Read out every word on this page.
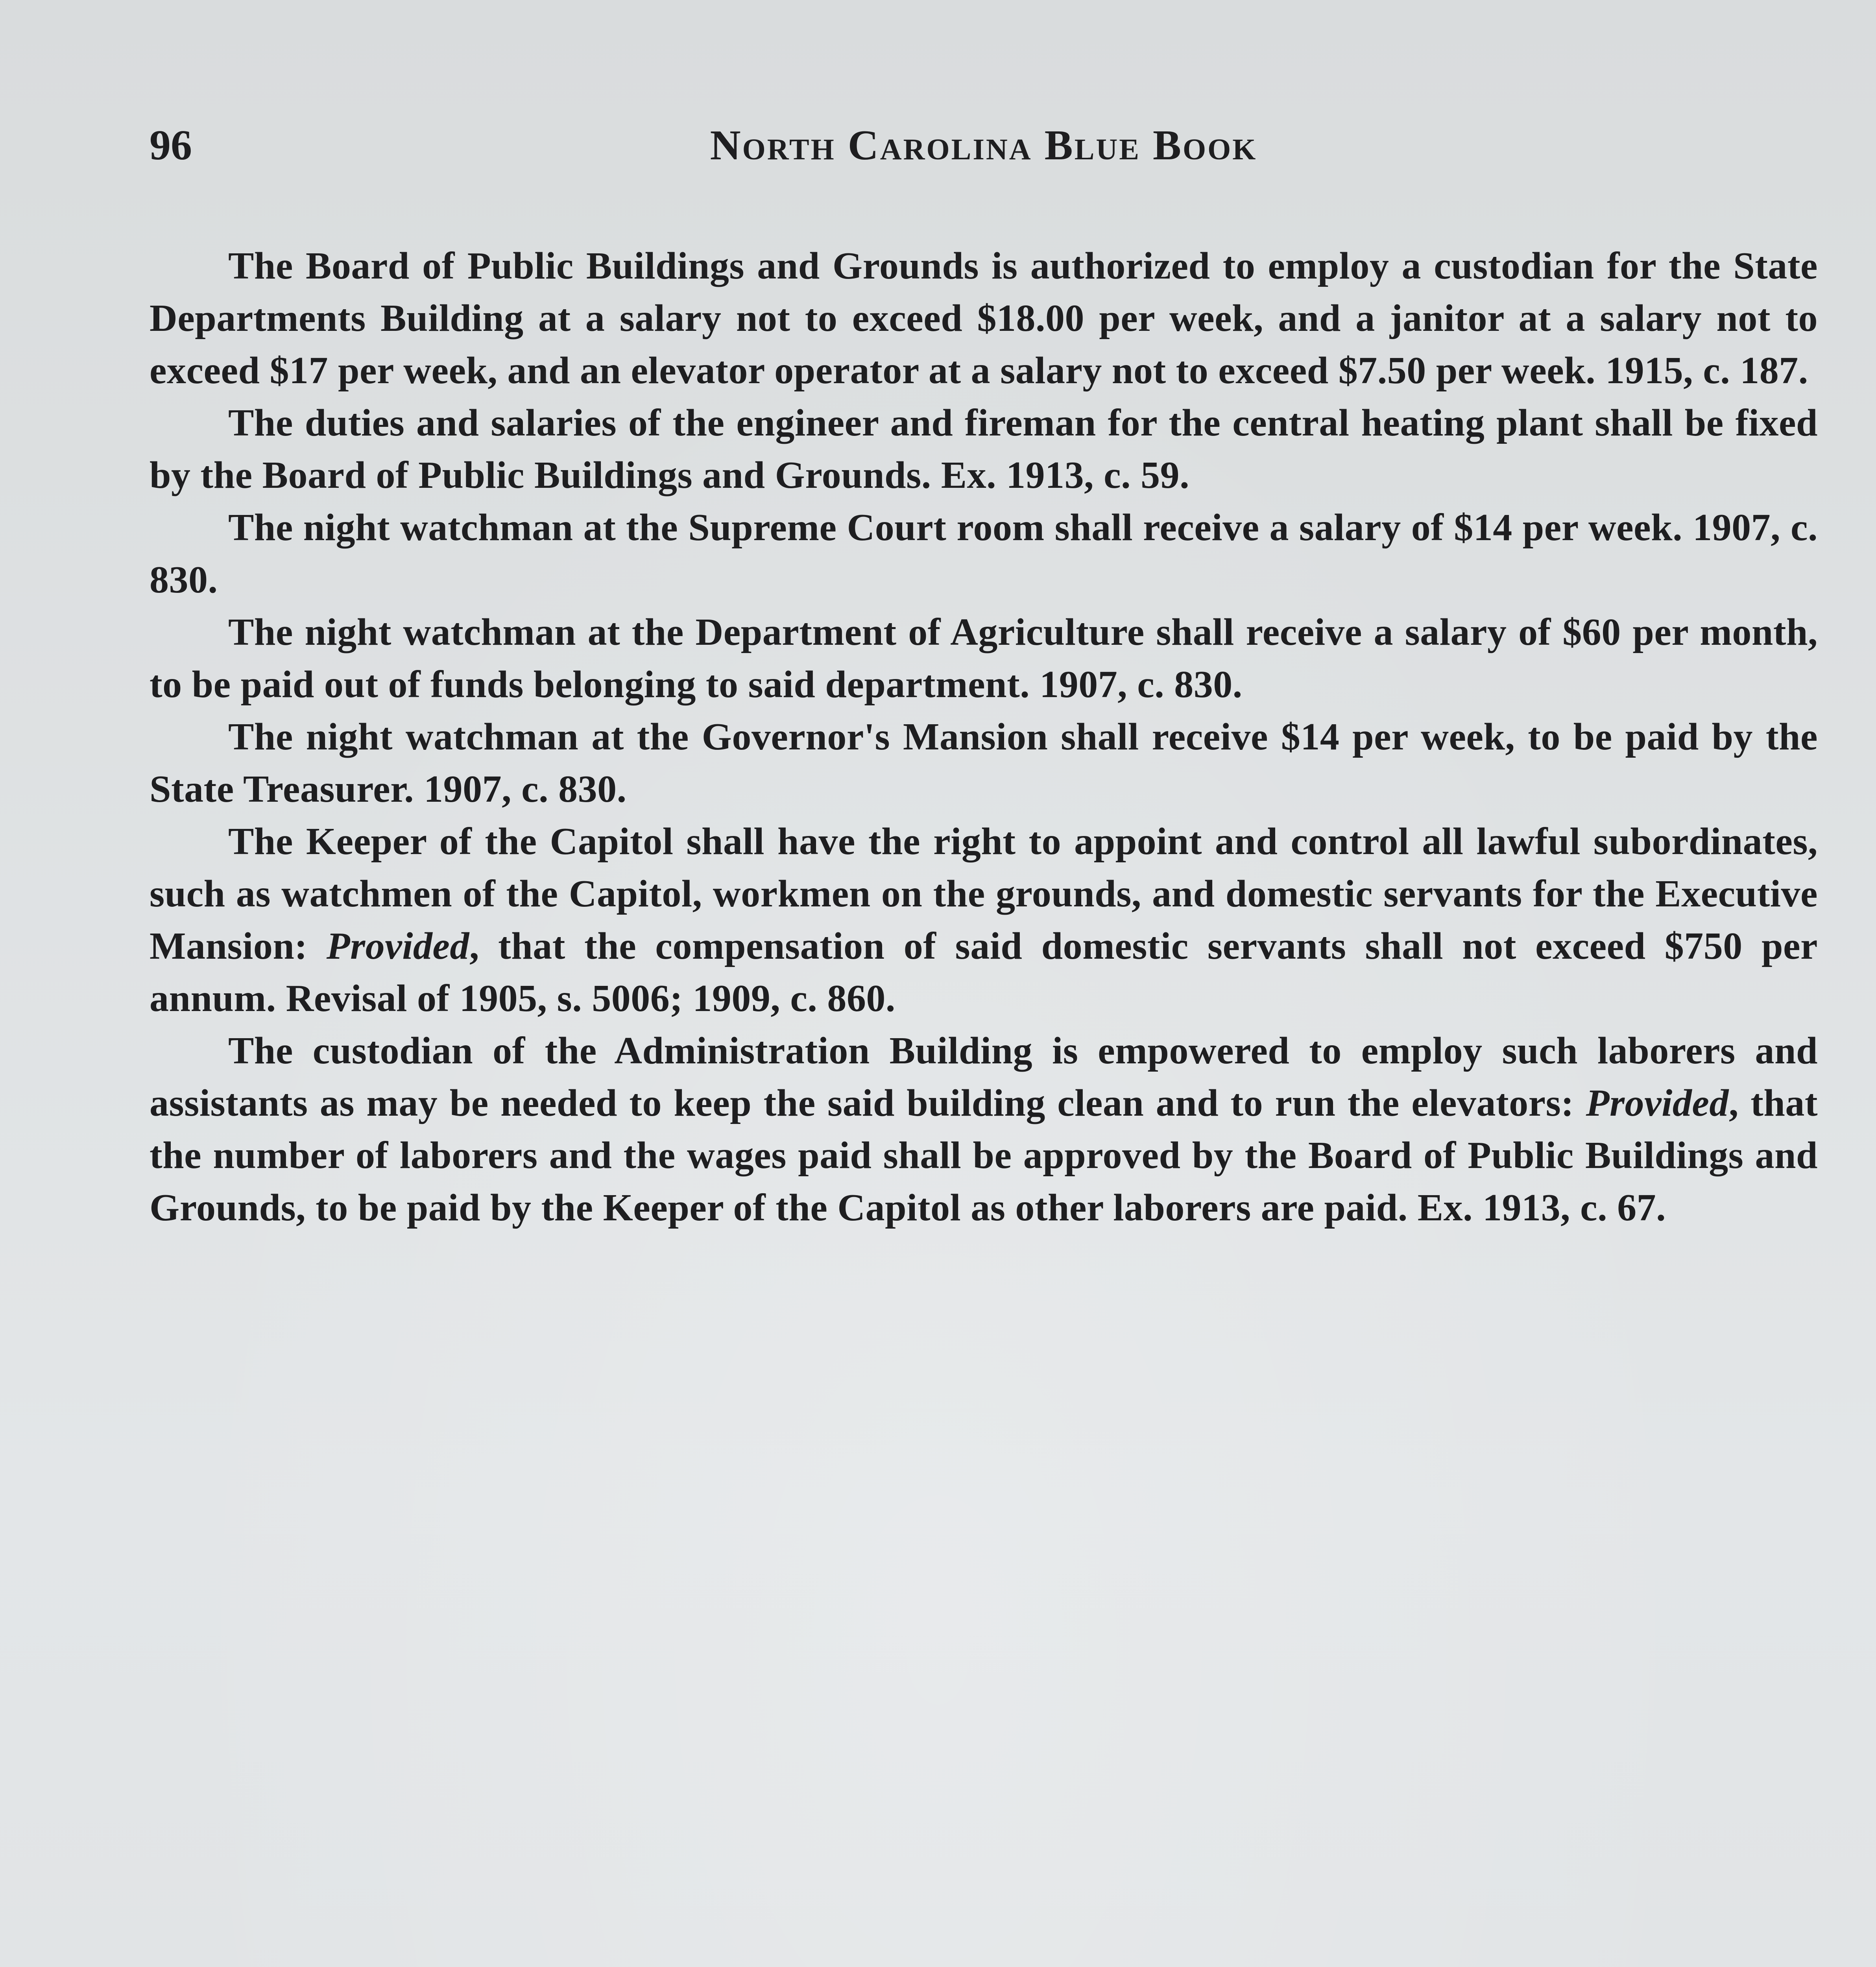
96	North Carolina Blue Book

The Board of Public Buildings and Grounds is authorized to employ a custodian for the State Departments Building at a salary not to exceed $18.00 per week, and a janitor at a salary not to exceed $17 per week, and an elevator operator at a salary not to exceed $7.50 per week. 1915, c. 187.

The duties and salaries of the engineer and fireman for the central heating plant shall be fixed by the Board of Public Buildings and Grounds. Ex. 1913, c. 59.

The night watchman at the Supreme Court room shall receive a salary of $14 per week. 1907, c. 830.

The night watchman at the Department of Agriculture shall receive a salary of $60 per month, to be paid out of funds belonging to said department. 1907, c. 830.

The night watchman at the Governor's Mansion shall receive $14 per week, to be paid by the State Treasurer. 1907, c. 830.

The Keeper of the Capitol shall have the right to appoint and control all lawful subordinates, such as watchmen of the Capitol, workmen on the grounds, and domestic servants for the Executive Mansion: Provided, that the compensation of said domestic servants shall not exceed $750 per annum. Revisal of 1905, s. 5006; 1909, c. 860.

The custodian of the Administration Building is empowered to employ such laborers and assistants as may be needed to keep the said building clean and to run the elevators: Provided, that the number of laborers and the wages paid shall be approved by the Board of Public Buildings and Grounds, to be paid by the Keeper of the Capitol as other laborers are paid. Ex. 1913, c. 67.
